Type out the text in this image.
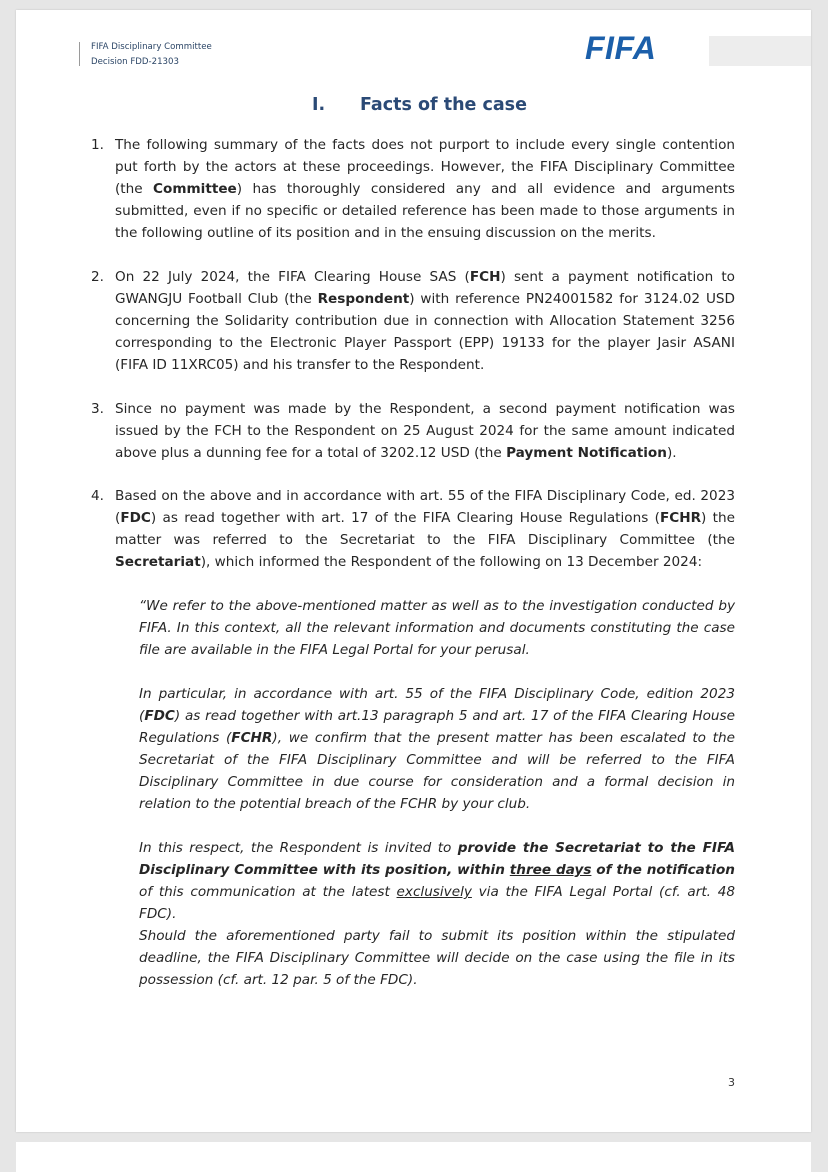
FIFA Disciplinary Committee
Decision FDD-21303	FIFA
I. Facts of the case
1. The following summary of the facts does not purport to include every single contention put forth by the actors at these proceedings. However, the FIFA Disciplinary Committee (the Committee) has thoroughly considered any and all evidence and arguments submitted, even if no specific or detailed reference has been made to those arguments in the following outline of its position and in the ensuing discussion on the merits.
2. On 22 July 2024, the FIFA Clearing House SAS (FCH) sent a payment notification to GWANGJU Football Club (the Respondent) with reference PN24001582 for 3124.02 USD concerning the Solidarity contribution due in connection with Allocation Statement 3256 corresponding to the Electronic Player Passport (EPP) 19133 for the player Jasir ASANI (FIFA ID 11XRC05) and his transfer to the Respondent.
3. Since no payment was made by the Respondent, a second payment notification was issued by the FCH to the Respondent on 25 August 2024 for the same amount indicated above plus a dunning fee for a total of 3202.12 USD (the Payment Notification).
4. Based on the above and in accordance with art. 55 of the FIFA Disciplinary Code, ed. 2023 (FDC) as read together with art. 17 of the FIFA Clearing House Regulations (FCHR) the matter was referred to the Secretariat to the FIFA Disciplinary Committee (the Secretariat), which informed the Respondent of the following on 13 December 2024:
“We refer to the above-mentioned matter as well as to the investigation conducted by FIFA. In this context, all the relevant information and documents constituting the case file are available in the FIFA Legal Portal for your perusal.
In particular, in accordance with art. 55 of the FIFA Disciplinary Code, edition 2023 (FDC) as read together with art.13 paragraph 5 and art. 17 of the FIFA Clearing House Regulations (FCHR), we confirm that the present matter has been escalated to the Secretariat of the FIFA Disciplinary Committee and will be referred to the FIFA Disciplinary Committee in due course for consideration and a formal decision in relation to the potential breach of the FCHR by your club.
In this respect, the Respondent is invited to provide the Secretariat to the FIFA Disciplinary Committee with its position, within three days of the notification of this communication at the latest exclusively via the FIFA Legal Portal (cf. art. 48 FDC).
Should the aforementioned party fail to submit its position within the stipulated deadline, the FIFA Disciplinary Committee will decide on the case using the file in its possession (cf. art. 12 par. 5 of the FDC).
3
